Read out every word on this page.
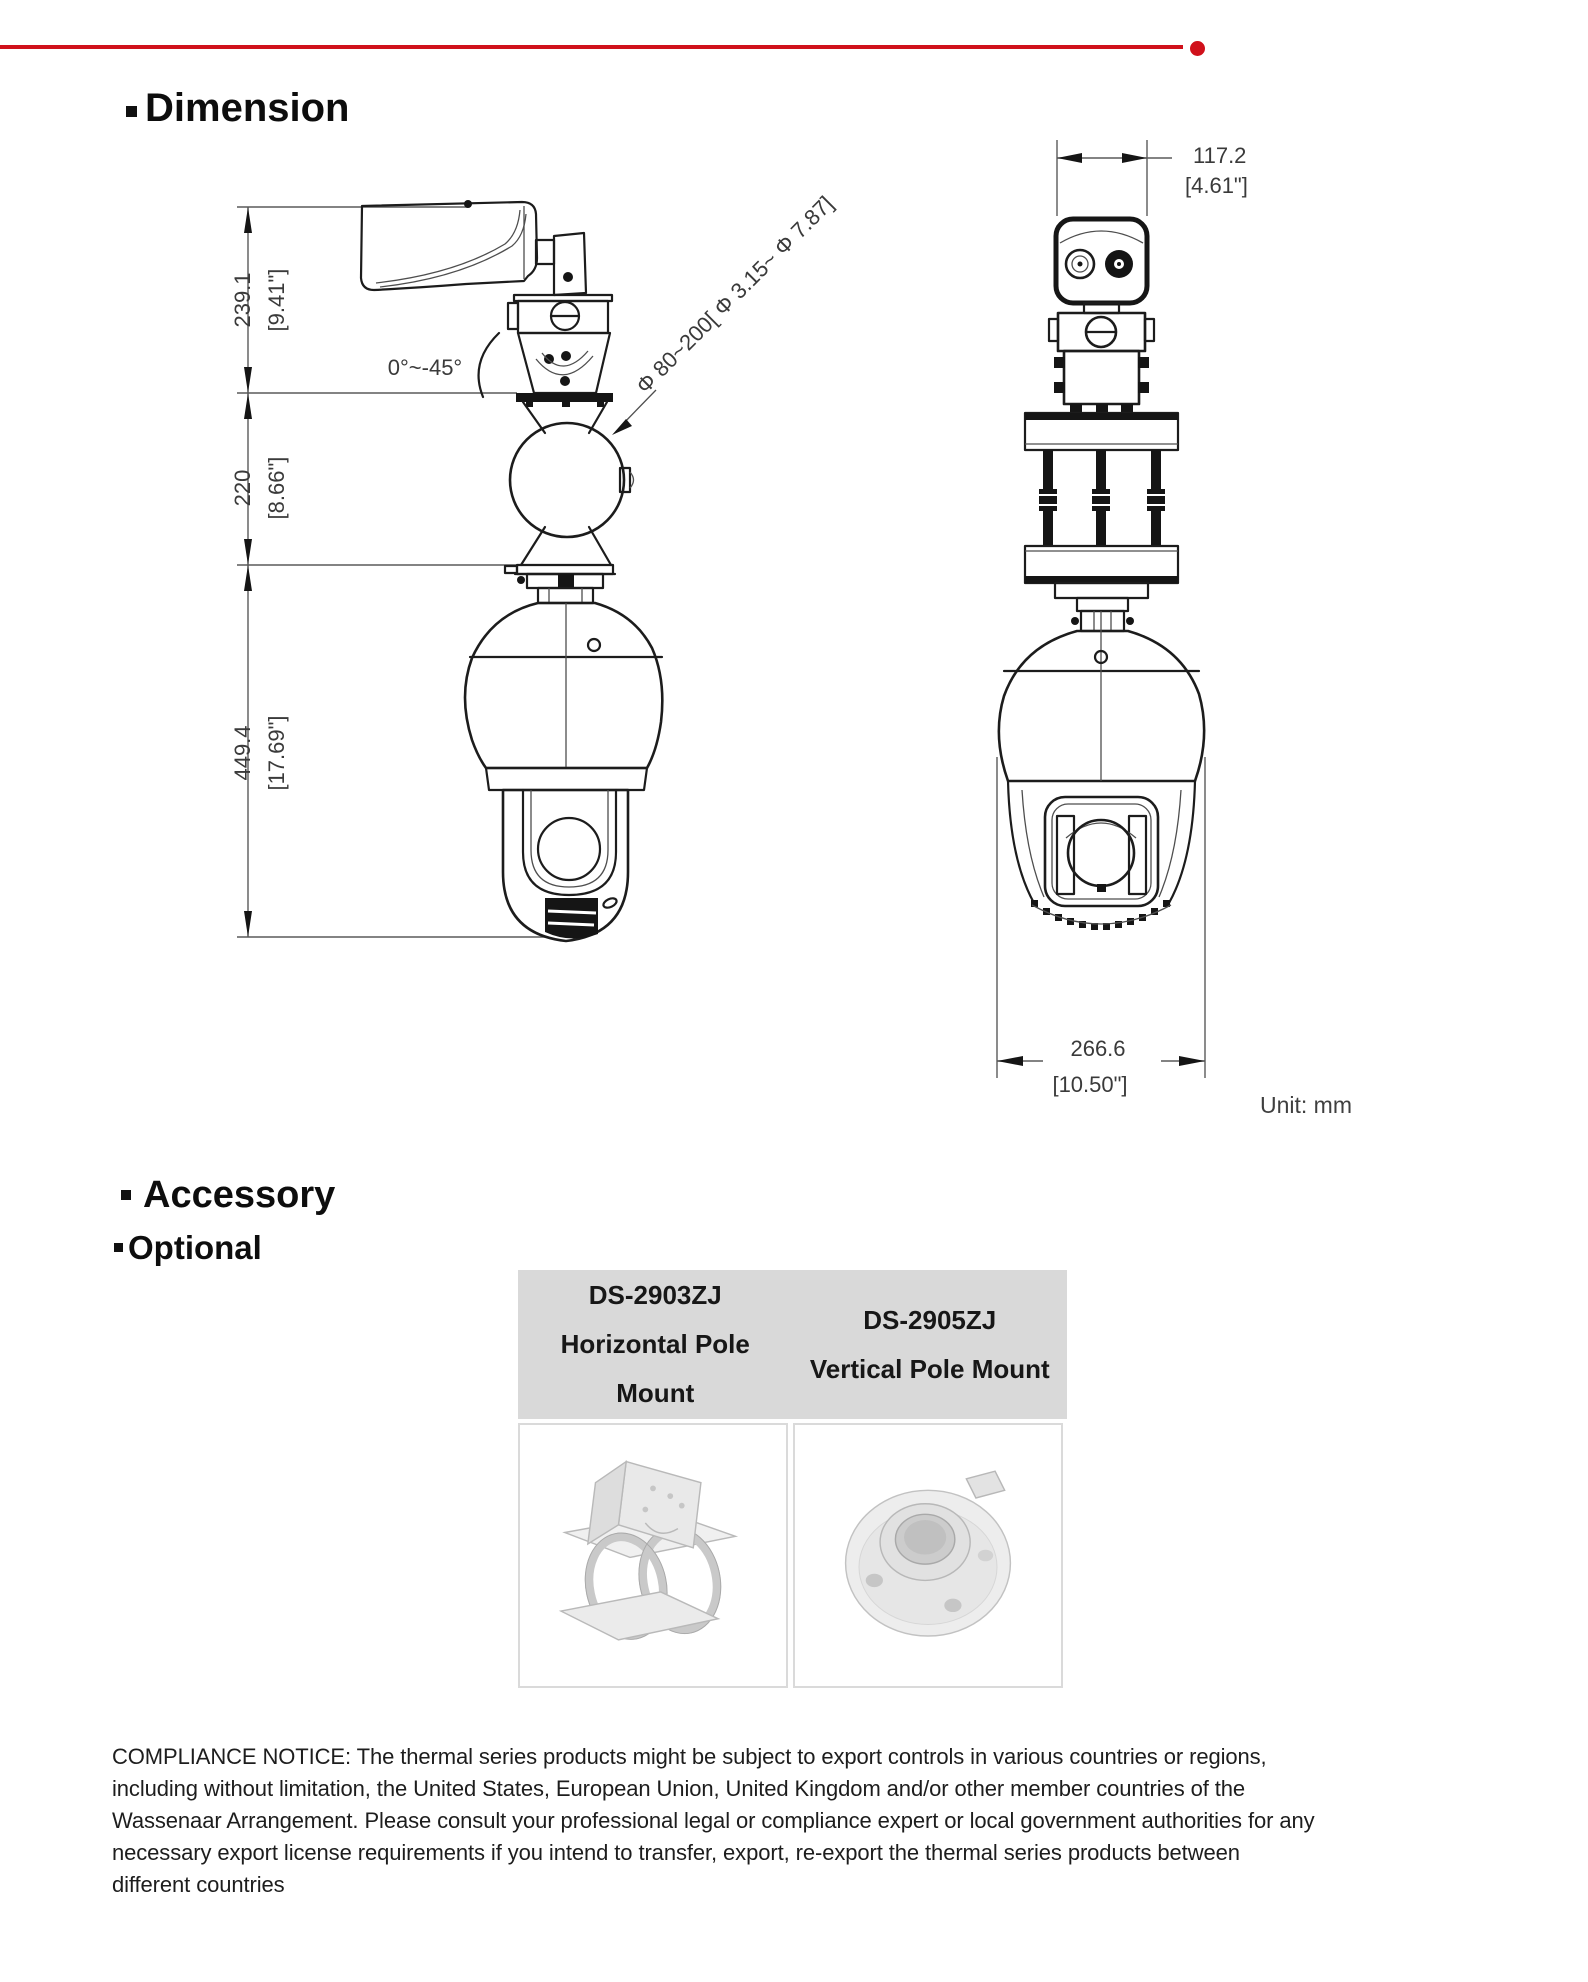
Dimension
239.1 [9.41"]
220 [8.66"]
449.4 [17.69"]
0°~-45°	Φ 80~200[ Φ 3.15~ Φ 7.87]
117.2
[4.61"]
266.6
[10.50"]
Unit: mm
Accessory
Optional
DS-2903ZJ
Horizontal Pole
Mount
DS-2905ZJ
Vertical Pole Mount
COMPLIANCE NOTICE: The thermal series products might be subject to export controls in various countries or regions,
including without limitation, the United States, European Union, United Kingdom and/or other member countries of the
Wassenaar Arrangement. Please consult your professional legal or compliance expert or local government authorities for any
necessary export license requirements if you intend to transfer, export, re-export the thermal series products between
different countries
